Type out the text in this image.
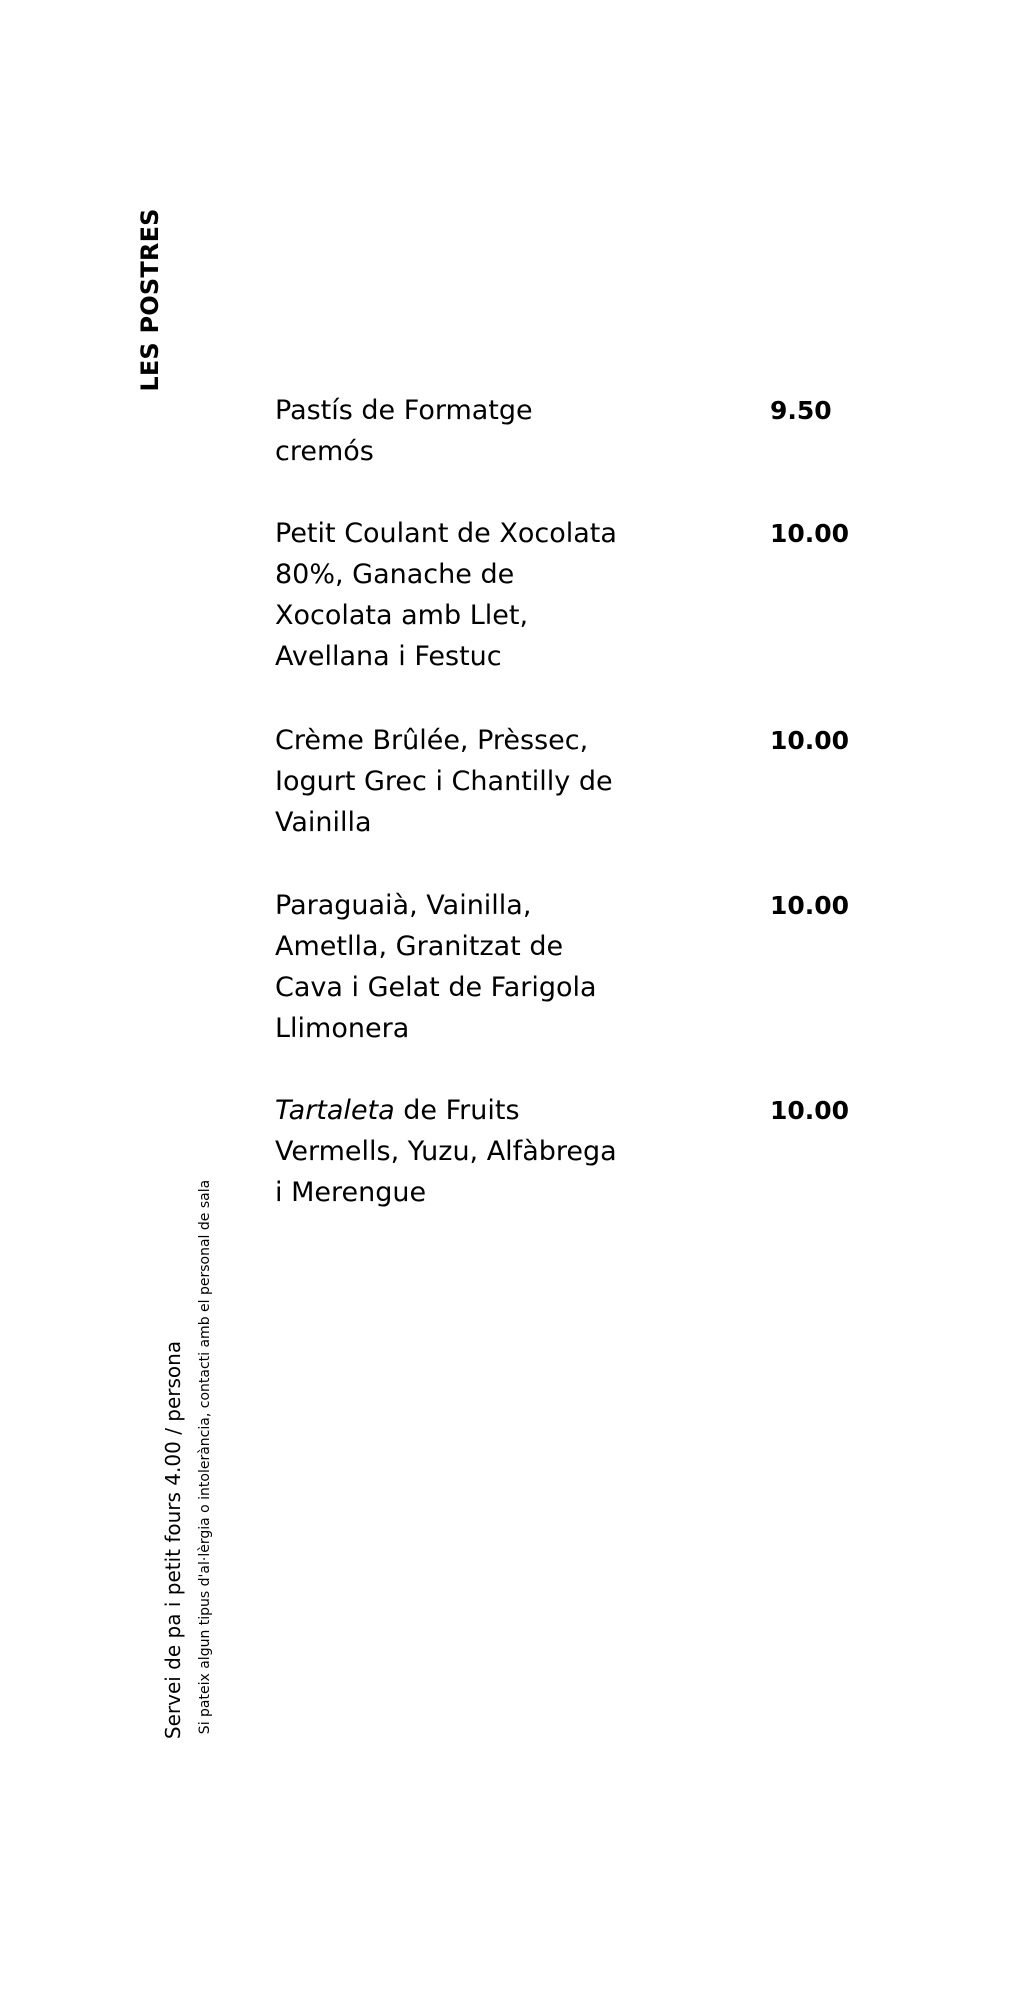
LES POSTRES

Pastís de Formatge cremós

9.50

Petit Coulant de Xocolata 80%, Ganache de Xocolata amb Llet, Avellana i Festuc

10.00

Crème Brûlée, Prèssec, Iogurt Grec i Chantilly de Vainilla

10.00

Paraguaià, Vainilla, Ametlla, Granitzat de Cava i Gelat de Farigola Llimonera

10.00

Tartaleta de Fruits Vermells, Yuzu, Alfàbrega i Merengue

10.00
Servei de pa i petit fours 4.00 / persona Si pateix algun tipus d'al·lèrgia o intolerància, contacti amb el personal de sala
